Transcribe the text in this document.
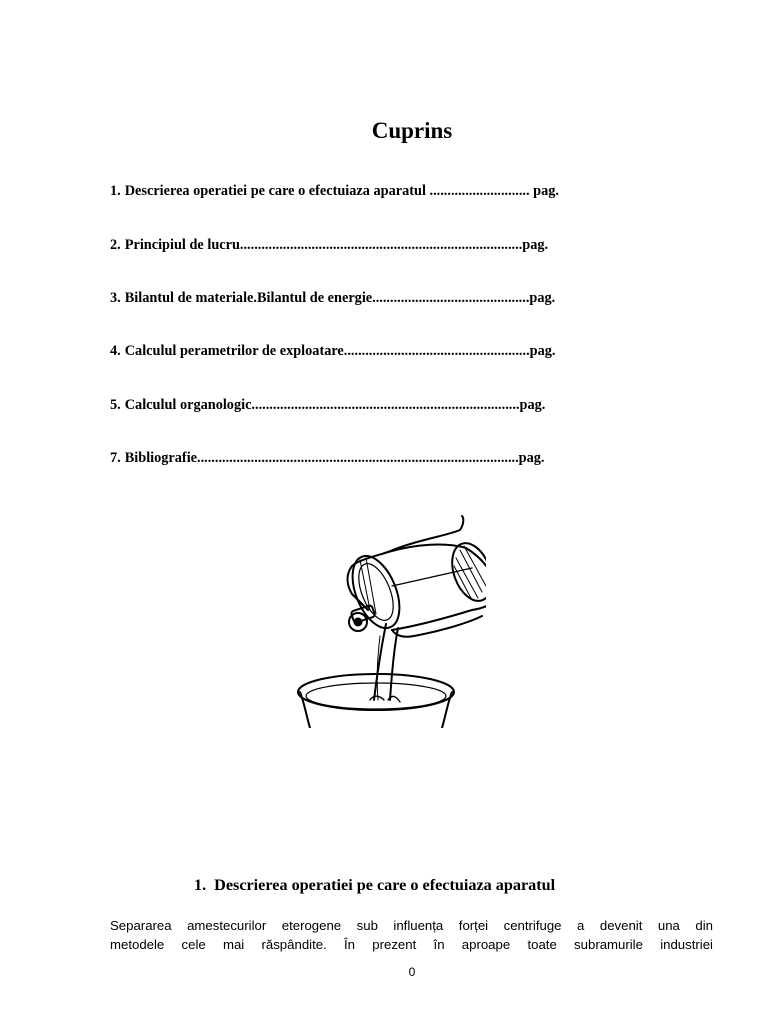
Cuprins
1. Descrierea operatiei pe care o efectuiaza aparatul ............................ pag.
2. Principiul de lucru...............................................................................pag.
3. Bilantul de materiale.Bilantul de energie............................................pag.
4. Calculul perametrilor de exploatare....................................................pag.
5. Calculul organologic...........................................................................pag.
7. Bibliografie..........................................................................................pag.
1. Descrierea operatiei pe care o efectuiaza aparatul
Separarea amestecurilor eterogene sub influența forței centrifuge a devenit una din
metodele cele mai răspândite. În prezent în aproape toate subramurile industriei
0
